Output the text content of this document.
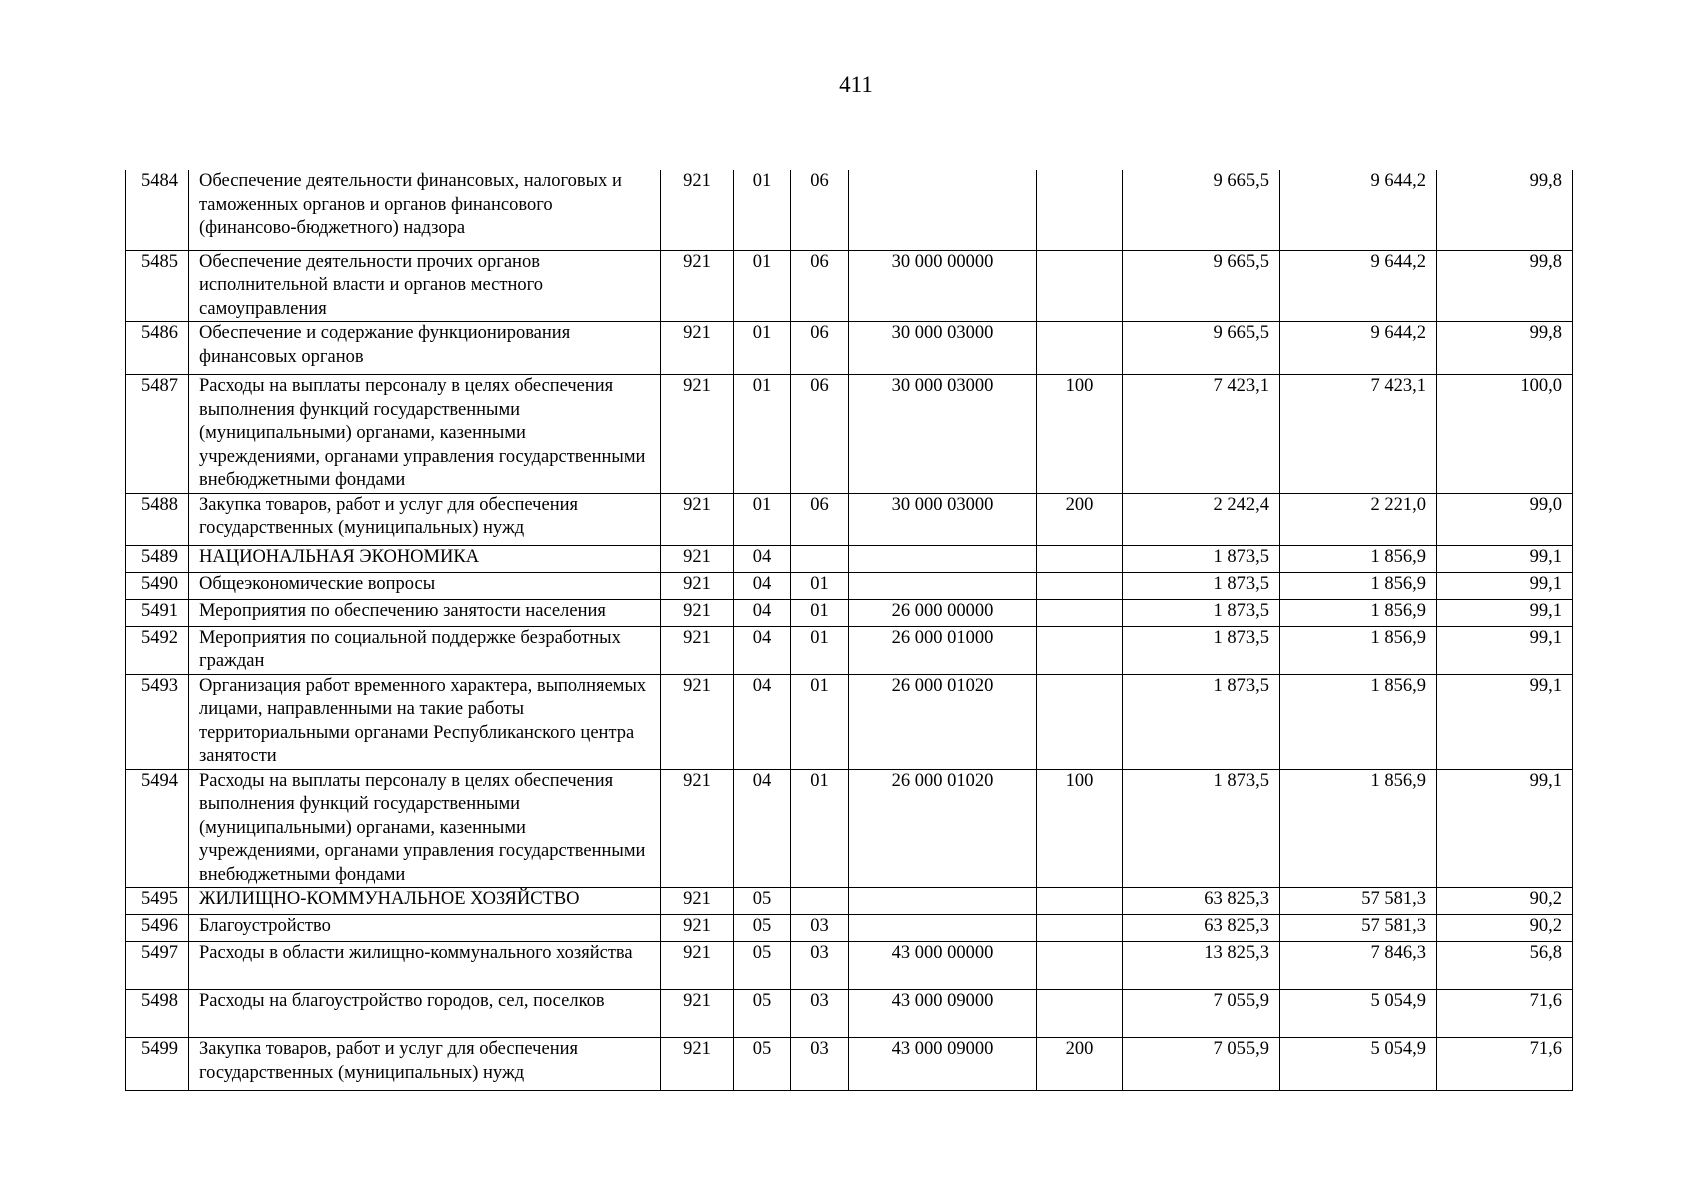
411
5484	Обеспечение деятельности финансовых, налоговых и таможенных органов и органов финансового (финансово-бюджетного) надзора	921	01	06			9 665,5	9 644,2	99,8
5485	Обеспечение деятельности прочих органов исполнительной власти и органов местного самоуправления	921	01	06	30 000 00000		9 665,5	9 644,2	99,8
5486	Обеспечение и содержание функционирования финансовых органов	921	01	06	30 000 03000		9 665,5	9 644,2	99,8
5487	Расходы на выплаты персоналу в целях обеспечения выполнения функций государственными (муниципальными) органами, казенными учреждениями, органами управления государственными внебюджетными фондами	921	01	06	30 000 03000	100	7 423,1	7 423,1	100,0
5488	Закупка товаров, работ и услуг для обеспечения государственных (муниципальных) нужд	921	01	06	30 000 03000	200	2 242,4	2 221,0	99,0
5489	НАЦИОНАЛЬНАЯ ЭКОНОМИКА	921	04				1 873,5	1 856,9	99,1
5490	Общеэкономические вопросы	921	04	01			1 873,5	1 856,9	99,1
5491	Мероприятия по обеспечению занятости населения	921	04	01	26 000 00000		1 873,5	1 856,9	99,1
5492	Мероприятия по социальной поддержке безработных граждан	921	04	01	26 000 01000		1 873,5	1 856,9	99,1
5493	Организация работ временного характера, выполняемых лицами, направленными на такие работы территориальными органами Республиканского центра занятости	921	04	01	26 000 01020		1 873,5	1 856,9	99,1
5494	Расходы на выплаты персоналу в целях обеспечения выполнения функций государственными (муниципальными) органами, казенными учреждениями, органами управления государственными внебюджетными фондами	921	04	01	26 000 01020	100	1 873,5	1 856,9	99,1
5495	ЖИЛИЩНО-КОММУНАЛЬНОЕ ХОЗЯЙСТВО	921	05				63 825,3	57 581,3	90,2
5496	Благоустройство	921	05	03			63 825,3	57 581,3	90,2
5497	Расходы в области жилищно-коммунального хозяйства	921	05	03	43 000 00000		13 825,3	7 846,3	56,8
5498	Расходы на благоустройство городов, сел, поселков	921	05	03	43 000 09000		7 055,9	5 054,9	71,6
5499	Закупка товаров, работ и услуг для обеспечения государственных (муниципальных) нужд	921	05	03	43 000 09000	200	7 055,9	5 054,9	71,6
